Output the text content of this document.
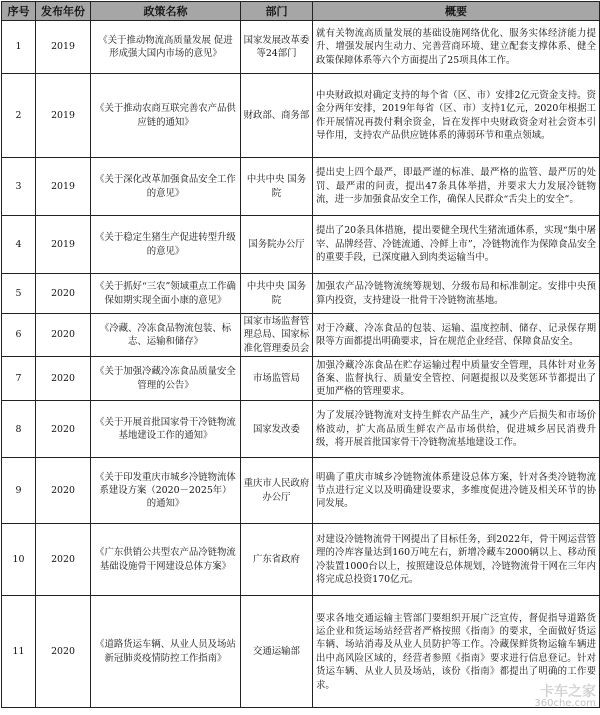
序号	发布年份	政策名称	部门	概要
1	2019	《关于推动物流高质量发展 促进形成强大国内市场的意见》	国家发展改革委等24部门	就有关物流高质量发展的基础设施网络优化、服务实体经济能力提升、增强发展内生动力、完善营商环境、建立配套支撑体系、健全政策保障体系等六个方面提出了25项具体工作。
2	2019	《关于推动农商互联完善农产品供应链的通知》	财政部、商务部	中央财政拟对确定支持的每个省（区、市）安排2亿元资金支持。资金分两年安排，2019年每省（区、市）支持1亿元，2020年根据工作开展情况再拨付剩余资金，旨在发挥中央财政资金对社会资本引导作用，支持农产品供应链体系的薄弱环节和重点领域。
3	2019	《关于深化改革加强食品安全工作的意见》	中共中央 国务院	提出史上四个最严，即最严谨的标准、最严格的监管、最严厉的处罚、最严肃的问责，提出47条具体举措，并要求大力发展冷链物流，进一步加强食品安全工作，确保人民群众“舌尖上的安全”。
4	2019	《关于稳定生猪生产促进转型升级的意见》	国务院办公厅	提出了20条具体措施，提出要健全现代生猪流通体系，实现“集中屠宰、品牌经营、冷链流通、冷鲜上市”，冷链物流作为保障食品安全的重要手段，已深度融入到肉类运输当中。
5	2020	《关于抓好“三农”领域重点工作确保如期实现全面小康的意见》	中共中央 国务院	加强农产品冷链物流统筹规划、分级布局和标准制定。安排中央预算内投资，支持建设一批骨干冷链物流基地。
6	2020	《冷藏、冷冻食品物流包装、标志、运输和储存》	国家市场监督管理总局、国家标准化管理委员会	对于冷藏、冷冻食品的包装、运输、温度控制、储存、记录保存期限等方面都提出明确要求，旨在规范企业经营、保障食品安全。
7	2020	《关于加强冷藏冷冻食品质量安全管理的公告》	市场监管局	加强冷藏冷冻食品在贮存运输过程中质量安全管理，具体针对业务备案、监督执行、质量安全管控、问题提报以及奖惩环节都提出了更加严格的管理要求。
8	2020	《关于开展首批国家骨干冷链物流基地建设工作的通知》	国家发改委	为了发展冷链物流对支持生鲜农产品生产，减少产后损失和市场价格波动，扩大高品质生鲜农产品市场供给，促进城乡居民消费升级，将开展首批国家骨干冷链物流基地建设工作。
9	2020	《关于印发重庆市城乡冷链物流体系建设方案（2020－2025年）的通知》	重庆市人民政府办公厅	明确了重庆市城乡冷链物流体系建设总体方案，针对各类冷链物流节点进行定义以及明确建设要求，多维度促进冷链及相关环节的协同发展。
10	2020	《广东供销公共型农产品冷链物流基础设施骨干网建设总体方案》	广东省政府	对建设冷链物流骨干网提出了目标任务，到2022年，骨干网运营管理的冷库容量达到160万吨左右，新增冷藏车2000辆以上、移动预冷装置1000台以上，按照建设总体规划，冷链物流骨干网在三年内将完成总投资170亿元。
11	2020	《道路货运车辆、从业人员及场站新冠肺炎疫情防控工作指南》	交通运输部	要求各地交通运输主管部门要组织开展广泛宣传，督促指导道路货运企业和货运场站经营者严格按照《指南》的要求，全面做好货运车辆、场站消毒及从业人员防护等工作。冷藏保鲜货物运输车辆进出中高风险区域的，经营者参照《指南》要求进行信息登记。针对货运车辆、从业人员及场站，该份《指南》都提出了明确的工作要求。	卡车之家
360che.com
